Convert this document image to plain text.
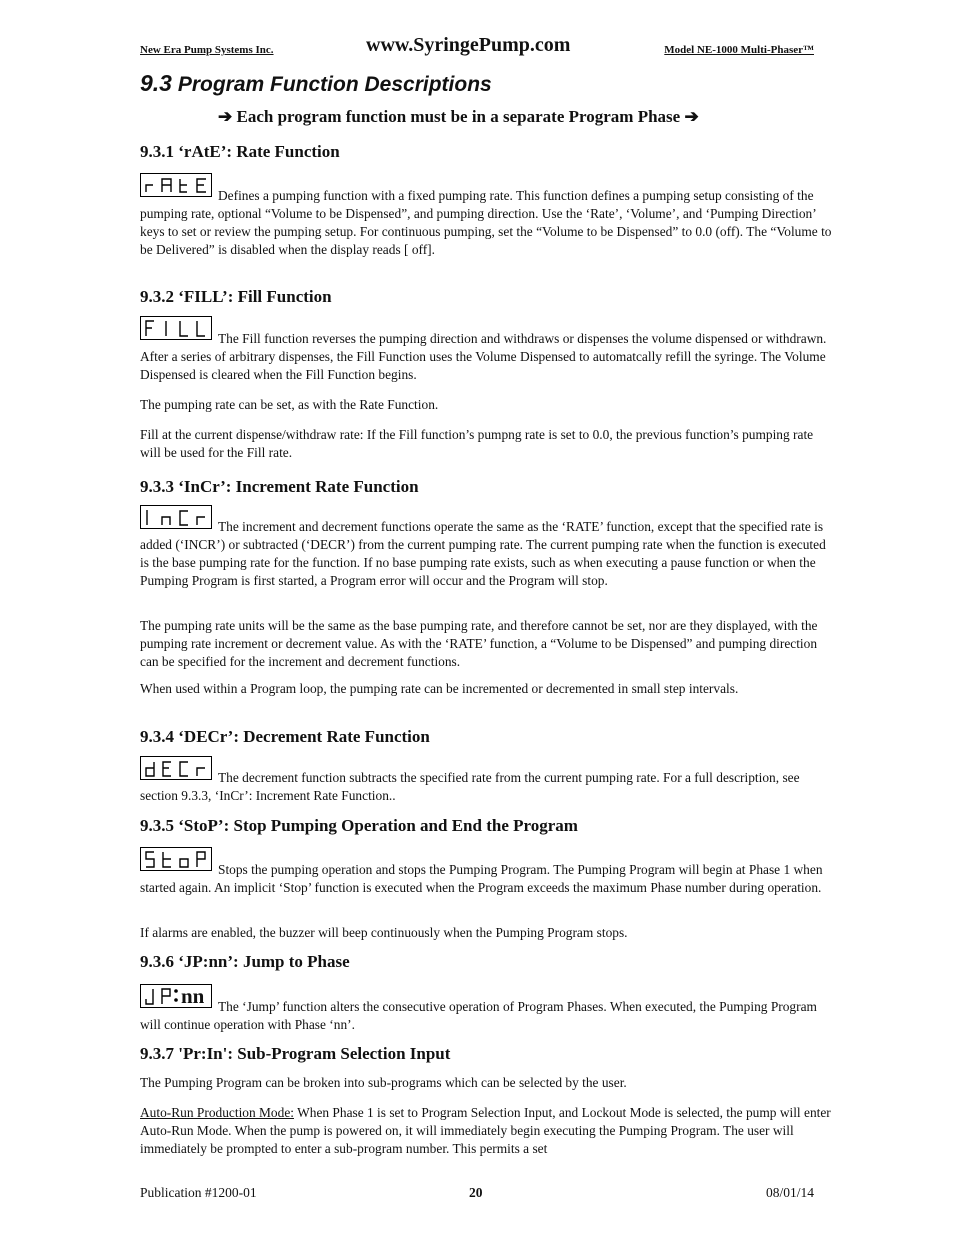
New Era Pump Systems Inc.	www.SyringePump.com	Model NE-1000 Multi-Phaser™
9.3 Program Function Descriptions
➔ Each program function must be in a separate Program Phase ➔
9.3.1 ‘rAtE’: Rate Function

Defines a pumping function with a fixed pumping rate. This function defines a pumping setup consisting of the pumping rate, optional “Volume to be Dispensed”, and pumping direction. Use the ‘Rate’, ‘Volume’, and ‘Pumping Direction’ keys to set or review the pumping setup. For continuous pumping, set the “Volume to be Dispensed” to 0.0 (off). The “Volume to be Delivered” is disabled when the display reads [ off].

9.3.2 ‘FILL’: Fill Function

The Fill function reverses the pumping direction and withdraws or dispenses the volume dispensed or withdrawn. After a series of arbitrary dispenses, the Fill Function uses the Volume Dispensed to automatcally refill the syringe. The Volume Dispensed is cleared when the Fill Function begins.

The pumping rate can be set, as with the Rate Function.

Fill at the current dispense/withdraw rate: If the Fill function’s pumpng rate is set to 0.0, the previous function’s pumping rate will be used for the Fill rate.

9.3.3 ‘InCr’: Increment Rate Function

The increment and decrement functions operate the same as the ‘RATE’ function, except that the specified rate is added (‘INCR’) or subtracted (‘DECR’) from the current pumping rate. The current pumping rate when the function is executed is the base pumping rate for the function. If no base pumping rate exists, such as when executing a pause function or when the Pumping Program is first started, a Program error will occur and the Program will stop.

The pumping rate units will be the same as the base pumping rate, and therefore cannot be set, nor are they displayed, with the pumping rate increment or decrement value. As with the ‘RATE’ function, a “Volume to be Dispensed” and pumping direction can be specified for the increment and decrement functions.

When used within a Program loop, the pumping rate can be incremented or decremented in small step intervals.

9.3.4 ‘DECr’: Decrement Rate Function

The decrement function subtracts the specified rate from the current pumping rate. For a full description, see section 9.3.3, ‘InCr’: Increment Rate Function..

9.3.5 ‘StoP’: Stop Pumping Operation and End the Program

Stops the pumping operation and stops the Pumping Program. The Pumping Program will begin at Phase 1 when started again. An implicit ‘Stop’ function is executed when the Program exceeds the maximum Phase number during operation.

If alarms are enabled, the buzzer will beep continuously when the Pumping Program stops.

9.3.6 ‘JP:nn’: Jump to Phase
nn	The ‘Jump’ function alters the consecutive operation of Program Phases. When executed, the Pumping Program will continue operation with Phase ‘nn’.

9.3.7 'Pr:In': Sub-Program Selection Input

The Pumping Program can be broken into sub-programs which can be selected by the user.

Auto-Run Production Mode: When Phase 1 is set to Program Selection Input, and Lockout Mode is selected, the pump will enter Auto-Run Mode. When the pump is powered on, it will immediately begin executing the Pumping Program. The user will immediately be prompted to enter a sub-program number. This permits a set

Publication #1200-01	20	08/01/14
